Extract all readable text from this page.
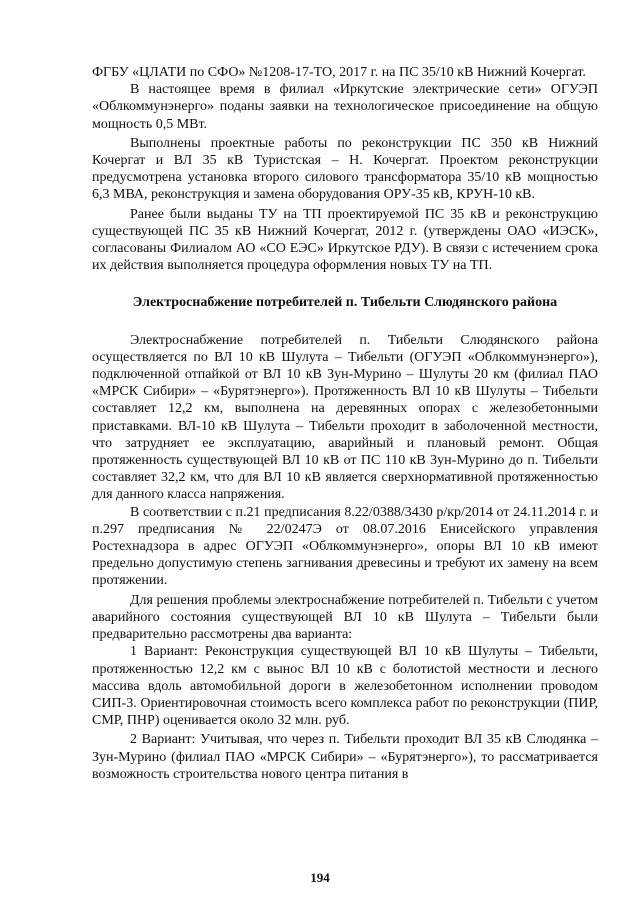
ФГБУ «ЦЛАТИ по СФО» №1208-17-ТО, 2017 г. на ПС 35/10 кВ Нижний Кочергат.

В настоящее время в филиал «Иркутские электрические сети» ОГУЭП «Облкоммунэнерго» поданы заявки на технологическое присоединение на общую мощность 0,5 МВт.

Выполнены проектные работы по реконструкции ПС 350 кВ Нижний Кочергат и ВЛ 35 кВ Туристская – Н. Кочергат. Проектом реконструкции предусмотрена установка второго силового трансформатора 35/10 кВ мощностью 6,3 МВА, реконструкция и замена оборудования ОРУ-35 кВ, КРУН-10 кВ.

Ранее были выданы ТУ на ТП проектируемой ПС 35 кВ и реконструкцию существующей ПС 35 кВ Нижний Кочергат, 2012 г. (утверждены ОАО «ИЭСК», согласованы Филиалом АО «СО ЕЭС» Иркутское РДУ). В связи с истечением срока их действия выполняется процедура оформления новых ТУ на ТП.

Электроснабжение потребителей п. Тибельти Слюдянского района

Электроснабжение потребителей п. Тибельти Слюдянского района осуществляется по ВЛ 10 кВ Шулута – Тибельти (ОГУЭП «Облкоммунэнерго»), подключенной отпайкой от ВЛ 10 кВ Зун-Мурино – Шулуты 20 км (филиал ПАО «МРСК Сибири» – «Бурятэнерго»). Протяженность ВЛ 10 кВ Шулуты – Тибельти составляет 12,2 км, выполнена на деревянных опорах с железобетонными приставками. ВЛ-10 кВ Шулута – Тибельти проходит в заболоченной местности, что затрудняет ее эксплуатацию, аварийный и плановый ремонт. Общая протяженность существующей ВЛ 10 кВ от ПС 110 кВ Зун-Мурино до п. Тибельти составляет 32,2 км, что для ВЛ 10 кВ является сверхнормативной протяженностью для данного класса напряжения.

В соответствии с п.21 предписания 8.22/0388/3430 р/кр/2014 от 24.11.2014 г. и п.297 предписания № 22/0247Э от 08.07.2016 Енисейского управления Ростехнадзора в адрес ОГУЭП «Облкоммунэнерго», опоры ВЛ 10 кВ имеют предельно допустимую степень загнивания древесины и требуют их замену на всем протяжении.

Для решения проблемы электроснабжение потребителей п. Тибельти с учетом аварийного состояния существующей ВЛ 10 кВ Шулута – Тибельти были предварительно рассмотрены два варианта:

1 Вариант: Реконструкция существующей ВЛ 10 кВ Шулуты – Тибельти, протяженностью 12,2 км с вынос ВЛ 10 кВ с болотистой местности и лесного массива вдоль автомобильной дороги в железобетонном исполнении проводом СИП-3. Ориентировочная стоимость всего комплекса работ по реконструкции (ПИР, СМР, ПНР) оценивается около 32 млн. руб.

2 Вариант: Учитывая, что через п. Тибельти проходит ВЛ 35 кВ Слюдянка – Зун-Мурино (филиал ПАО «МРСК Сибири» – «Бурятэнерго»), то рассматривается возможность строительства нового центра питания в

194
